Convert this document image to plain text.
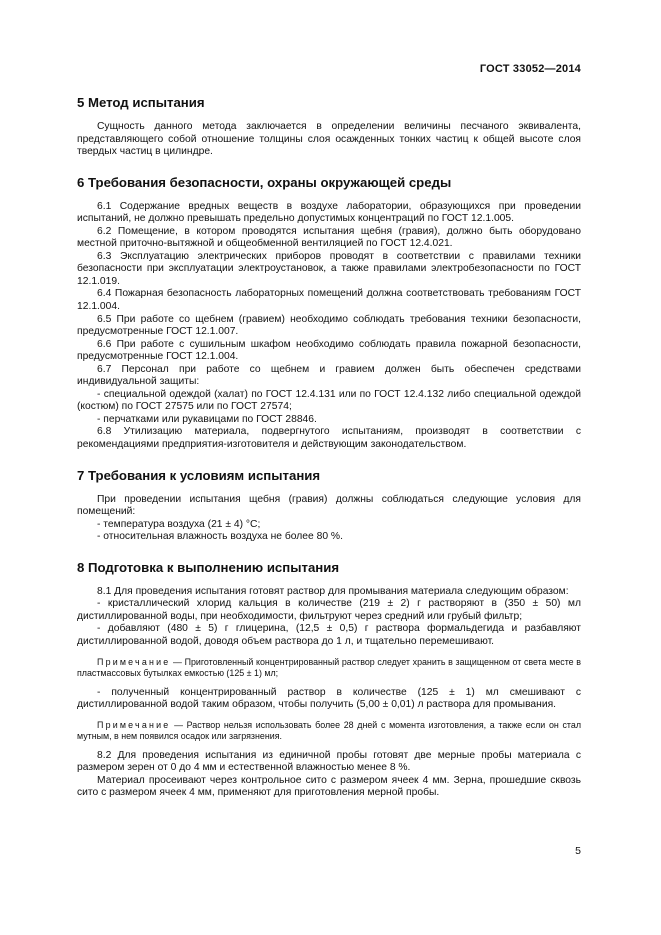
ГОСТ 33052—2014
5 Метод испытания

Сущность данного метода заключается в определении величины песчаного эквивалента, представляющего собой отношение толщины слоя осажденных тонких частиц к общей высоте слоя твердых частиц в цилиндре.

6 Требования безопасности, охраны окружающей среды

6.1 Содержание вредных веществ в воздухе лаборатории, образующихся при проведении испытаний, не должно превышать предельно допустимых концентраций по ГОСТ 12.1.005.

6.2 Помещение, в котором проводятся испытания щебня (гравия), должно быть оборудовано местной приточно-вытяжной и общеобменной вентиляцией по ГОСТ 12.4.021.

6.3 Эксплуатацию электрических приборов проводят в соответствии с правилами техники безопасности при эксплуатации электроустановок, а также правилами электробезопасности по ГОСТ 12.1.019.

6.4 Пожарная безопасность лабораторных помещений должна соответствовать требованиям ГОСТ 12.1.004.

6.5 При работе со щебнем (гравием) необходимо соблюдать требования техники безопасности, предусмотренные ГОСТ 12.1.007.

6.6 При работе с сушильным шкафом необходимо соблюдать правила пожарной безопасности, предусмотренные ГОСТ 12.1.004.

6.7 Персонал при работе со щебнем и гравием должен быть обеспечен средствами индивидуальной защиты:

- специальной одеждой (халат) по ГОСТ 12.4.131 или по ГОСТ 12.4.132 либо специальной одеждой (костюм) по ГОСТ 27575 или по ГОСТ 27574;

- перчатками или рукавицами по ГОСТ 28846.

6.8 Утилизацию материала, подвергнутого испытаниям, производят в соответствии с рекомендациями предприятия-изготовителя и действующим законодательством.

7 Требования к условиям испытания

При проведении испытания щебня (гравия) должны соблюдаться следующие условия для помещений:

- температура воздуха (21 ± 4) °С;

- относительная влажность воздуха не более 80 %.

8 Подготовка к выполнению испытания

8.1 Для проведения испытания готовят раствор для промывания материала следующим образом:

- кристаллический хлорид кальция в количестве (219 ± 2) г растворяют в (350 ± 50) мл дистиллированной воды, при необходимости, фильтруют через средний или грубый фильтр;

- добавляют (480 ± 5) г глицерина, (12,5 ± 0,5) г раствора формальдегида и разбавляют дистиллированной водой, доводя объем раствора до 1 л, и тщательно перемешивают.

Примечание — Приготовленный концентрированный раствор следует хранить в защищенном от света месте в пластмассовых бутылках емкостью (125 ± 1) мл;

- полученный концентрированный раствор в количестве (125 ± 1) мл смешивают с дистиллированной водой таким образом, чтобы получить (5,00 ± 0,01) л раствора для промывания.

Примечание — Раствор нельзя использовать более 28 дней с момента изготовления, а также если он стал мутным, в нем появился осадок или загрязнения.

8.2 Для проведения испытания из единичной пробы готовят две мерные пробы материала с размером зерен от 0 до 4 мм и естественной влажностью менее 8 %.

Материал просеивают через контрольное сито с размером ячеек 4 мм. Зерна, прошедшие сквозь сито с размером ячеек 4 мм, применяют для приготовления мерной пробы.

5
